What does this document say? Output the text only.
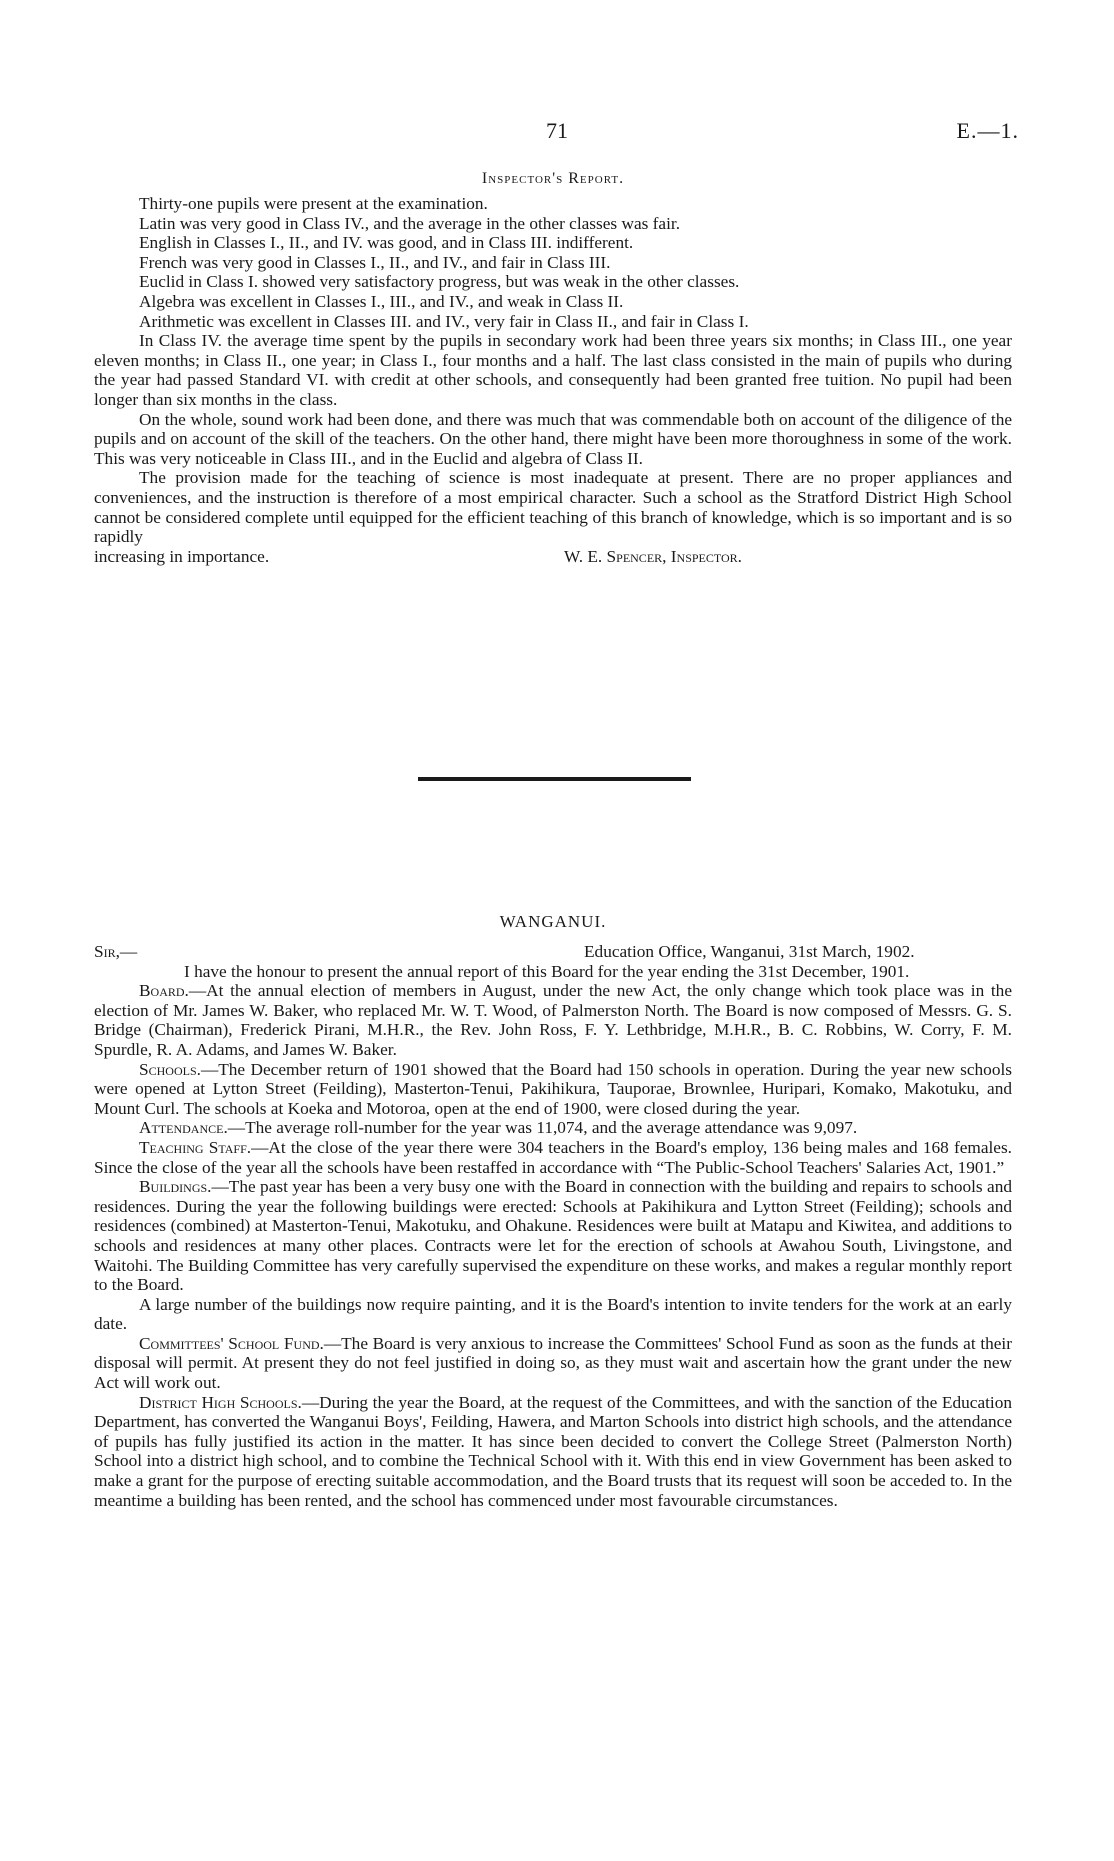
71	E.—1.
Inspector's Report.

Thirty-one pupils were present at the examination.

Latin was very good in Class IV., and the average in the other classes was fair.

English in Classes I., II., and IV. was good, and in Class III. indifferent.

French was very good in Classes I., II., and IV., and fair in Class III.

Euclid in Class I. showed very satisfactory progress, but was weak in the other classes.

Algebra was excellent in Classes I., III., and IV., and weak in Class II.

Arithmetic was excellent in Classes III. and IV., very fair in Class II., and fair in Class I.

In Class IV. the average time spent by the pupils in secondary work had been three years six months; in Class III., one year eleven months; in Class II., one year; in Class I., four months and a half. The last class consisted in the main of pupils who during the year had passed Standard VI. with credit at other schools, and consequently had been granted free tuition. No pupil had been longer than six months in the class.

On the whole, sound work had been done, and there was much that was commendable both on account of the diligence of the pupils and on account of the skill of the teachers. On the other hand, there might have been more thoroughness in some of the work. This was very noticeable in Class III., and in the Euclid and algebra of Class II.

The provision made for the teaching of science is most inadequate at present. There are no proper appliances and conveniences, and the instruction is therefore of a most empirical character. Such a school as the Stratford District High School cannot be considered complete until equipped for the efficient teaching of this branch of knowledge, which is so important and is so rapidly

increasing in importance.	W. E. Spencer, Inspector.
WANGANUI.
Sir,—	Education Office, Wanganui, 31st March, 1902.

I have the honour to present the annual report of this Board for the year ending the 31st December, 1901.

Board.—At the annual election of members in August, under the new Act, the only change which took place was in the election of Mr. James W. Baker, who replaced Mr. W. T. Wood, of Palmerston North. The Board is now composed of Messrs. G. S. Bridge (Chairman), Frederick Pirani, M.H.R., the Rev. John Ross, F. Y. Lethbridge, M.H.R., B. C. Robbins, W. Corry, F. M. Spurdle, R. A. Adams, and James W. Baker.

Schools.—The December return of 1901 showed that the Board had 150 schools in operation. During the year new schools were opened at Lytton Street (Feilding), Masterton-Tenui, Pakihikura, Tauporae, Brownlee, Huripari, Komako, Makotuku, and Mount Curl. The schools at Koeka and Motoroa, open at the end of 1900, were closed during the year.

Attendance.—The average roll-number for the year was 11,074, and the average attendance was 9,097.

Teaching Staff.—At the close of the year there were 304 teachers in the Board's employ, 136 being males and 168 females. Since the close of the year all the schools have been restaffed in accordance with “The Public-School Teachers' Salaries Act, 1901.”

Buildings.—The past year has been a very busy one with the Board in connection with the building and repairs to schools and residences. During the year the following buildings were erected: Schools at Pakihikura and Lytton Street (Feilding); schools and residences (combined) at Masterton-Tenui, Makotuku, and Ohakune. Residences were built at Matapu and Kiwitea, and additions to schools and residences at many other places. Contracts were let for the erection of schools at Awahou South, Livingstone, and Waitohi. The Building Committee has very carefully supervised the expenditure on these works, and makes a regular monthly report to the Board.

A large number of the buildings now require painting, and it is the Board's intention to invite tenders for the work at an early date.

Committees' School Fund.—The Board is very anxious to increase the Committees' School Fund as soon as the funds at their disposal will permit. At present they do not feel justified in doing so, as they must wait and ascertain how the grant under the new Act will work out.

District High Schools.—During the year the Board, at the request of the Committees, and with the sanction of the Education Department, has converted the Wanganui Boys', Feilding, Hawera, and Marton Schools into district high schools, and the attendance of pupils has fully justified its action in the matter. It has since been decided to convert the College Street (Palmerston North) School into a district high school, and to combine the Technical School with it. With this end in view Government has been asked to make a grant for the purpose of erecting suitable accommodation, and the Board trusts that its request will soon be acceded to. In the meantime a building has been rented, and the school has commenced under most favourable circumstances.
